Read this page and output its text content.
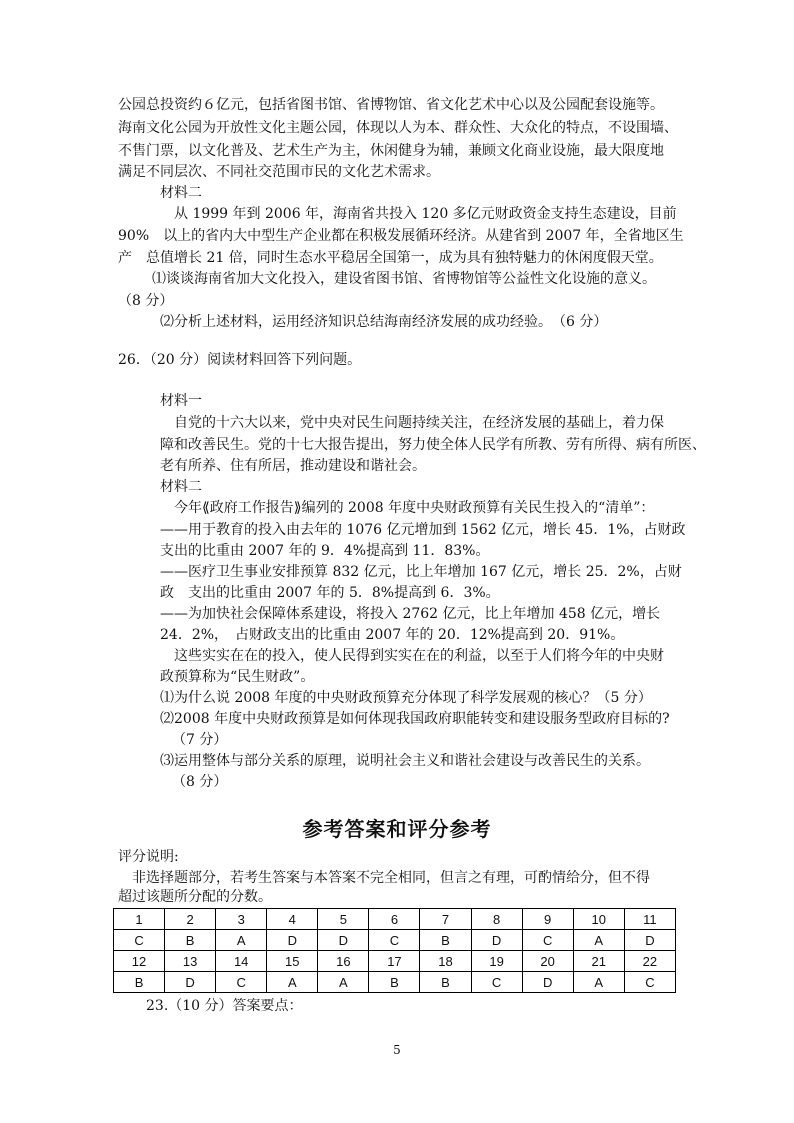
公园总投资约６亿元，包括省图书馆、省博物馆、省文化艺术中心以及公园配套设施等。
海南文化公园为开放性文化主题公园，体现以人为本、群众性、大众化的特点，不设围墙、
不售门票，以文化普及、艺术生产为主，休闲健身为辅，兼顾文化商业设施，最大限度地
满足不同层次、不同社交范围市民的文化艺术需求。
材料二
从 1999 年到 2006 年，海南省共投入 120 多亿元财政资金支持生态建设，目前
90%　以上的省内大中型生产企业都在积极发展循环经济。从建省到 2007 年，全省地区生
产　总值增长 21 倍，同时生态水平稳居全国第一，成为具有独特魅力的休闲度假天堂。
⑴谈谈海南省加大文化投入，建设省图书馆、省博物馆等公益性文化设施的意义。
（8 分）
⑵分析上述材料，运用经济知识总结海南经济发展的成功经验。　（6 分）
26．（20 分）阅读材料回答下列问题。
材料一
自党的十六大以来，党中央对民生问题持续关注，在经济发展的基础上，着力保
障和改善民生。党的十七大报告提出，努力使全体人民学有所教、劳有所得、病有所医、
老有所养、住有所居，推动建设和谐社会。
材料二
今年⟪政府工作报告⟫编列的 2008 年度中央财政预算有关民生投入的“清单”：
——用于教育的投入由去年的 1076 亿元增加到 1562 亿元，增长 45．1%，占财政
支出的比重由 2007 年的 9．4%提高到 11．83%。
——医疗卫生事业安排预算 832 亿元，比上年增加 167 亿元，增长 25．2%，占财
政　支出的比重由 2007 年的 5．8%提高到 6．3%。
——为加快社会保障体系建设，将投入 2762 亿元，比上年增加 458 亿元，增长
24．2%，　占财政支出的比重由 2007 年的 20．12%提高到 20．91%。
这些实实在在的投入，使人民得到实实在在的利益，以至于人们将今年的中央财
政预算称为“民生财政”。
⑴为什么说 2008 年度的中央财政预算充分体现了科学发展观的核心？（5 分）
⑵2008 年度中央财政预算是如何体现我国政府职能转变和建设服务型政府目标的?
（7 分）
⑶运用整体与部分关系的原理，说明社会主义和谐社会建设与改善民生的关系。
（8 分）
参考答案和评分参考
评分说明:
非选择题部分，若考生答案与本答案不完全相同，但言之有理，可酌情给分，但不得
超过该题所分配的分数。
1	2	3	4	5	6	7	8	9	10	11
C	B	A	D	D	C	B	D	C	A	D
12	13	14	15	16	17	18	19	20	21	22
B	D	C	A	A	B	B	C	D	A	C
23.（10 分）答案要点：
5
